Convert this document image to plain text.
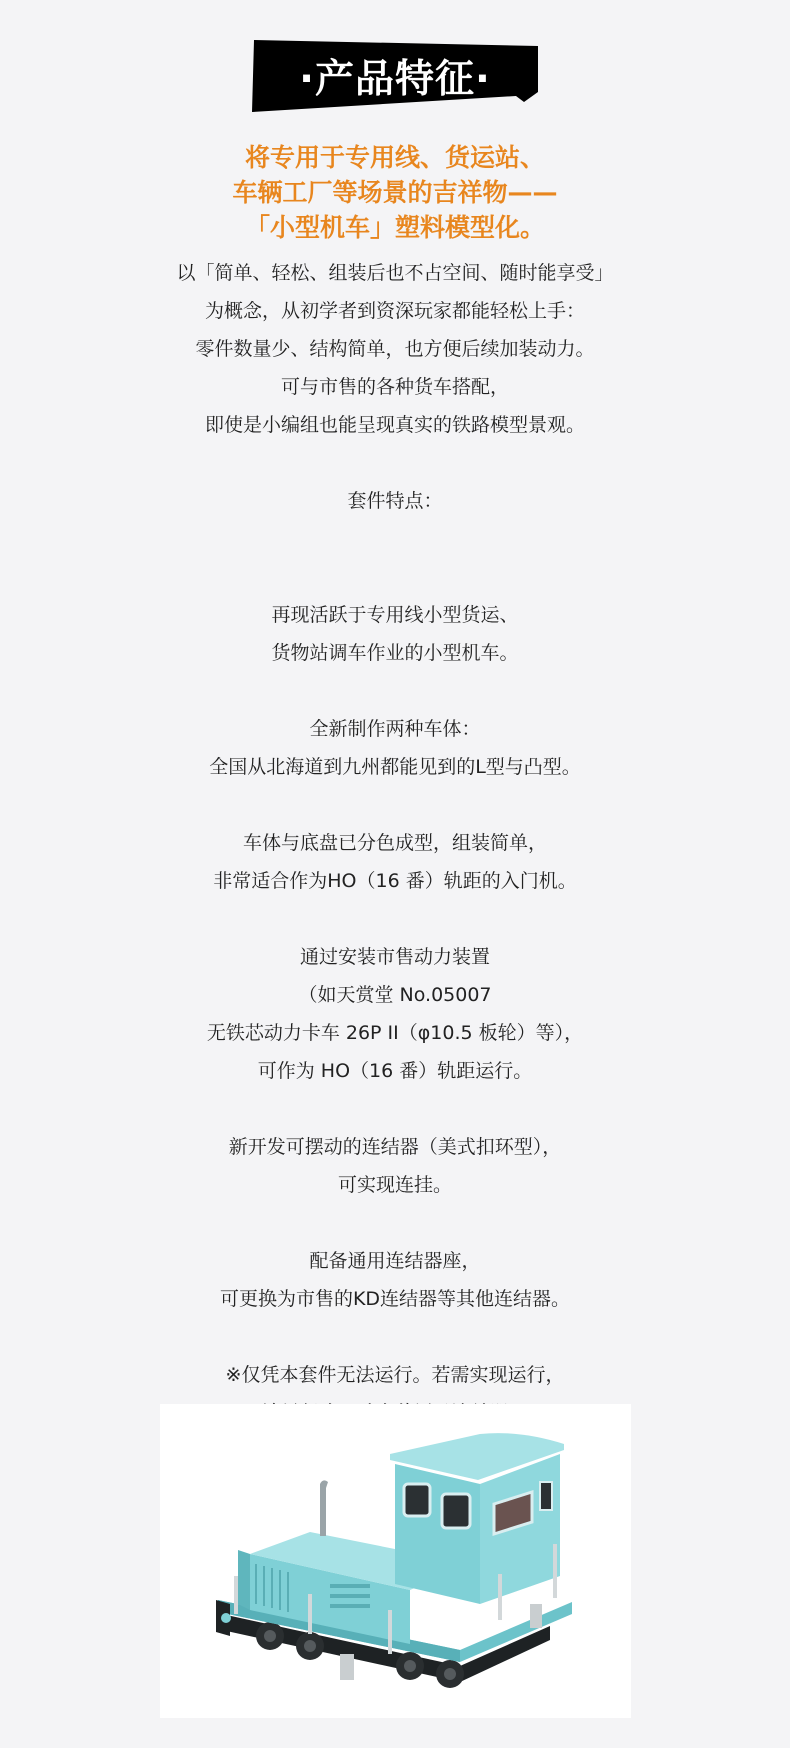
·产品特征·
将专用于专用线、货运站、
车辆工厂等场景的吉祥物——
「小型机车」塑料模型化。
以「简单、轻松、组装后也不占空间、随时能享受」
为概念，从初学者到资深玩家都能轻松上手：
零件数量少、结构简单，也方便后续加装动力。
可与市售的各种货车搭配，
即使是小编组也能呈现真实的铁路模型景观。
套件特点：
再现活跃于专用线小型货运、
货物站调车作业的小型机车。
全新制作两种车体：
全国从北海道到九州都能见到的L型与凸型。
车体与底盘已分色成型，组装简单，
非常适合作为HO（16 番）轨距的入门机。
通过安装市售动力装置
（如天赏堂 No.05007
无铁芯动力卡车 26P II（φ10.5 板轮）等），
可作为 HO（16 番）轨距运行。
新开发可摆动的连结器（美式扣环型），
可实现连挂。
配备通用连结器座，
可更换为市售的KD连结器等其他连结器。
※仅凭本套件无法运行。若需实现运行，
